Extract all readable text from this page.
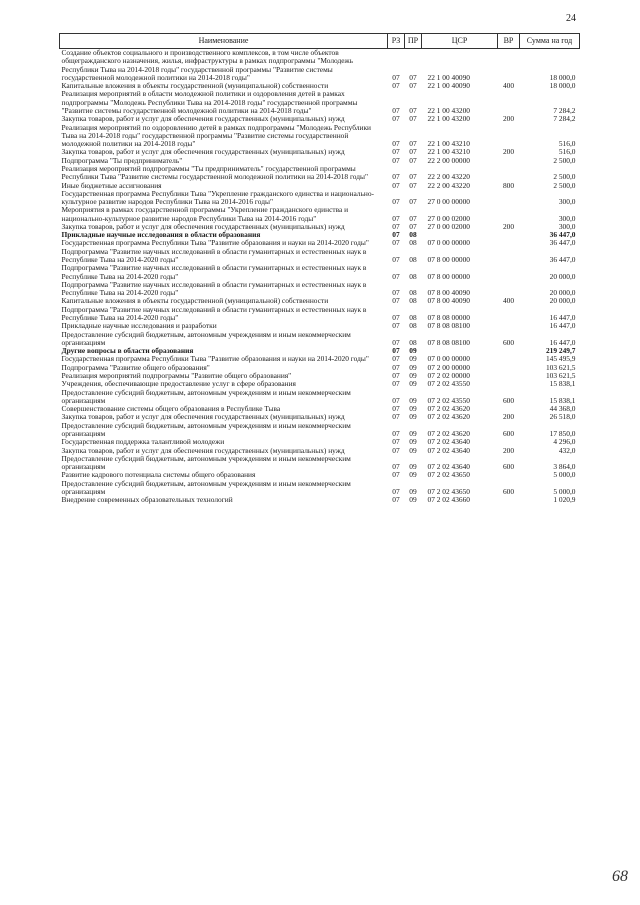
24
Наименование	РЗ	ПР	ЦСР	ВР	Сумма на год
Создание объектов социального и производственного комплексов, в том числе объектов общегражданского назначения, жилья, инфраструктуры в рамках подпрограммы "Молодежь Республики Тыва на 2014-2018 годы" государственной программы "Развитие системы государственной молодежной политики на 2014-2018 годы"	07	07	22 1 00 40090		18 000,0
Капитальные вложения в объекты государственной (муниципальной) собственности	07	07	22 1 00 40090	400	18 000,0
Реализация мероприятий в области молодежной политики и оздоровления детей в рамках подпрограммы "Молодежь Республики Тыва на 2014-2018 годы" государственной программы "Развитие системы государственной молодежной политики на 2014-2018 годы"	07	07	22 1 00 43200		7 284,2
Закупка товаров, работ и услуг для обеспечения государственных (муниципальных) нужд	07	07	22 1 00 43200	200	7 284,2
Реализация мероприятий по оздоровлению детей в рамках подпрограммы "Молодежь Республики Тыва на 2014-2018 годы" государственной программы "Развитие системы государственной молодежной политики на 2014-2018 годы"	07	07	22 1 00 43210		516,0
Закупка товаров, работ и услуг для обеспечения государственных (муниципальных) нужд	07	07	22 1 00 43210	200	516,0
Подпрограмма "Ты предприниматель"	07	07	22 2 00 00000		2 500,0
Реализация мероприятий подпрограммы "Ты предприниматель" государственной программы Республики Тыва "Развитие системы государственной молодежной политики на 2014-2018 годы"	07	07	22 2 00 43220		2 500,0
Иные бюджетные ассигнования	07	07	22 2 00 43220	800	2 500,0
Государственная программа Республики Тыва "Укрепление гражданского единства и национально-культурное развитие народов Республики Тыва на 2014-2016 годы"	07	07	27 0 00 00000		300,0
Мероприятия в рамках государственной программы "Укрепление гражданского единства и национально-культурное развитие народов Республики Тыва на 2014-2016 годы"	07	07	27 0 00 02000		300,0
Закупка товаров, работ и услуг для обеспечения государственных (муниципальных) нужд	07	07	27 0 00 02000	200	300,0
Прикладные научные исследования в области образования	07	08			36 447,0
Государственная программа Республики Тыва "Развитие образования и науки на 2014-2020 годы"	07	08	07 0 00 00000		36 447,0
Подпрограмма "Развитие научных исследований в области гуманитарных и естественных наук в Республике Тыва на 2014-2020 годы"	07	08	07 8 00 00000		36 447,0
Подпрограмма "Развитие научных исследований в области гуманитарных и естественных наук в Республике Тыва на 2014-2020 годы"	07	08	07 8 00 00000		20 000,0
Подпрограмма "Развитие научных исследований в области гуманитарных и естественных наук в Республике Тыва на 2014-2020 годы"	07	08	07 8 00 40090		20 000,0
Капитальные вложения в объекты государственной (муниципальной) собственности	07	08	07 8 00 40090	400	20 000,0
Подпрограмма "Развитие научных исследований в области гуманитарных и естественных наук в Республике Тыва на 2014-2020 годы"	07	08	07 8 08 00000		16 447,0
Прикладные научные исследования и разработки	07	08	07 8 08 08100		16 447,0
Предоставление субсидий бюджетным, автономным учреждениям и иным некоммерческим организациям	07	08	07 8 08 08100	600	16 447,0
Другие вопросы в области образования	07	09			219 249,7
Государственная программа Республики Тыва "Развитие образования и науки на 2014-2020 годы"	07	09	07 0 00 00000		145 495,9
Подпрограмма "Развитие общего образования"	07	09	07 2 00 00000		103 621,5
Реализация мероприятий подпрограммы "Развитие общего образования"	07	09	07 2 02 00000		103 621,5
Учреждения, обеспечивающие предоставление услуг в сфере образования	07	09	07 2 02 43550		15 838,1
Предоставление субсидий бюджетным, автономным учреждениям и иным некоммерческим организациям	07	09	07 2 02 43550	600	15 838,1
Совершенствование системы общего образования в Республике Тыва	07	09	07 2 02 43620		44 368,0
Закупка товаров, работ и услуг для обеспечения государственных (муниципальных) нужд	07	09	07 2 02 43620	200	26 518,0
Предоставление субсидий бюджетным, автономным учреждениям и иным некоммерческим организациям	07	09	07 2 02 43620	600	17 850,0
Государственная поддержка талантливой молодежи	07	09	07 2 02 43640		4 296,0
Закупка товаров, работ и услуг для обеспечения государственных (муниципальных) нужд	07	09	07 2 02 43640	200	432,0
Предоставление субсидий бюджетным, автономным учреждениям и иным некоммерческим организациям	07	09	07 2 02 43640	600	3 864,0
Развитие кадрового потенциала системы общего образования	07	09	07 2 02 43650		5 000,0
Предоставление субсидий бюджетным, автономным учреждениям и иным некоммерческим организациям	07	09	07 2 02 43650	600	5 000,0
Внедрение современных образовательных технологий	07	09	07 2 02 43660		1 020,9
68
